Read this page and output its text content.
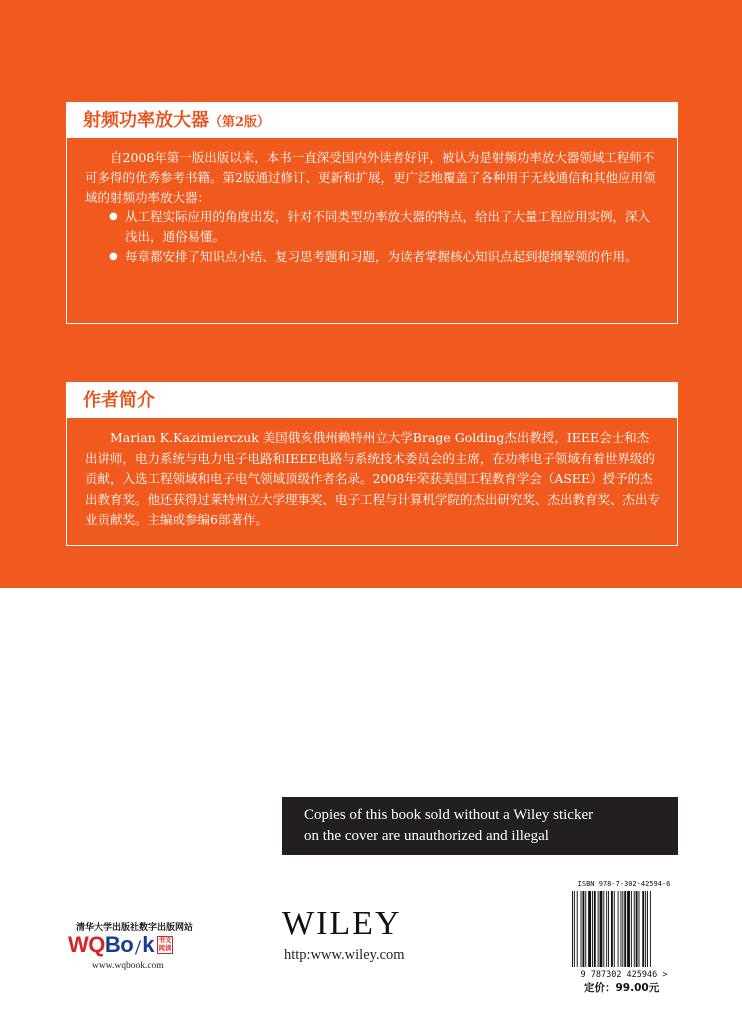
射频功率放大器（第2版）

自2008年第一版出版以来，本书一直深受国内外读者好评，被认为是射频功率放大器领域工程师不可多得的优秀参考书籍。第2版通过修订、更新和扩展，更广泛地覆盖了各种用于无线通信和其他应用领域的射频功率放大器：

● 从工程实际应用的角度出发，针对不同类型功率放大器的特点，给出了大量工程应用实例，深入浅出，通俗易懂。
● 每章都安排了知识点小结、复习思考题和习题，为读者掌握核心知识点起到提纲挈领的作用。
作者简介

Marian K.Kazimierczuk 美国俄亥俄州赖特州立大学Brage Golding杰出教授，IEEE会士和杰出讲师，电力系统与电力电子电路和IEEE电路与系统技术委员会的主席，在功率电子领域有着世界级的贡献，入选工程领域和电子电气领域顶级作者名录。2008年荣获美国工程教育学会（ASEE）授予的杰出教育奖。他还获得过莱特州立大学理事奖、电子工程与计算机学院的杰出研究奖、杰出教育奖、杰出专业贡献奖。主编或参编6部著作。

Copies of this book sold without a Wiley sticker
on the cover are unauthorized and illegal
清华大学出版社数字出版网站
WQ Bo k 书文阅读
www.wqbook.com
WILEY
http:www.wiley.com
ISBN 978-7-302-42594-6
9 787302 425946 >
定价：99.00元
